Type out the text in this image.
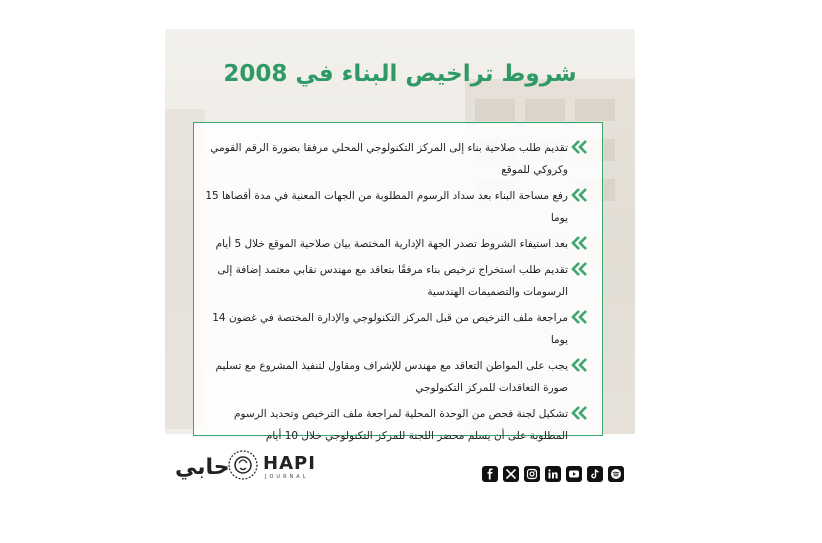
شروط تراخيص البناء في 2008
تقديم طلب صلاحية بناء إلى المركز التكنولوجي المحلي مرفقا بصورة الرقم القومي وكروكي للموقع
رفع مساحة البناء بعد سداد الرسوم المطلوبة من الجهات المعنية في مدة أقصاها 15 يوما
بعد استيفاء الشروط تصدر الجهة الإدارية المختصة بيان صلاحية الموقع خلال 5 أيام
تقديم طلب استخراج ترخيص بناء مرفقًا بتعاقد مع مهندس نقابي معتمد إضافة إلى الرسومات والتصميمات الهندسية
مراجعة ملف الترخيص من قبل المركز التكنولوجي والإدارة المختصة في غضون 14 يوما
يجب على المواطن التعاقد مع مهندس للإشراف ومقاول لتنفيذ المشروع مع تسليم صورة التعاقدات للمركز التكنولوجي
تشكيل لجنة فحص من الوحدة المحلية لمراجعة ملف الترخيص وتحديد الرسوم المطلوبة على أن يسلم محضر اللجنة للمركز التكنولوجي خلال 10 أيام
حابي HAPI
JOURNAL
